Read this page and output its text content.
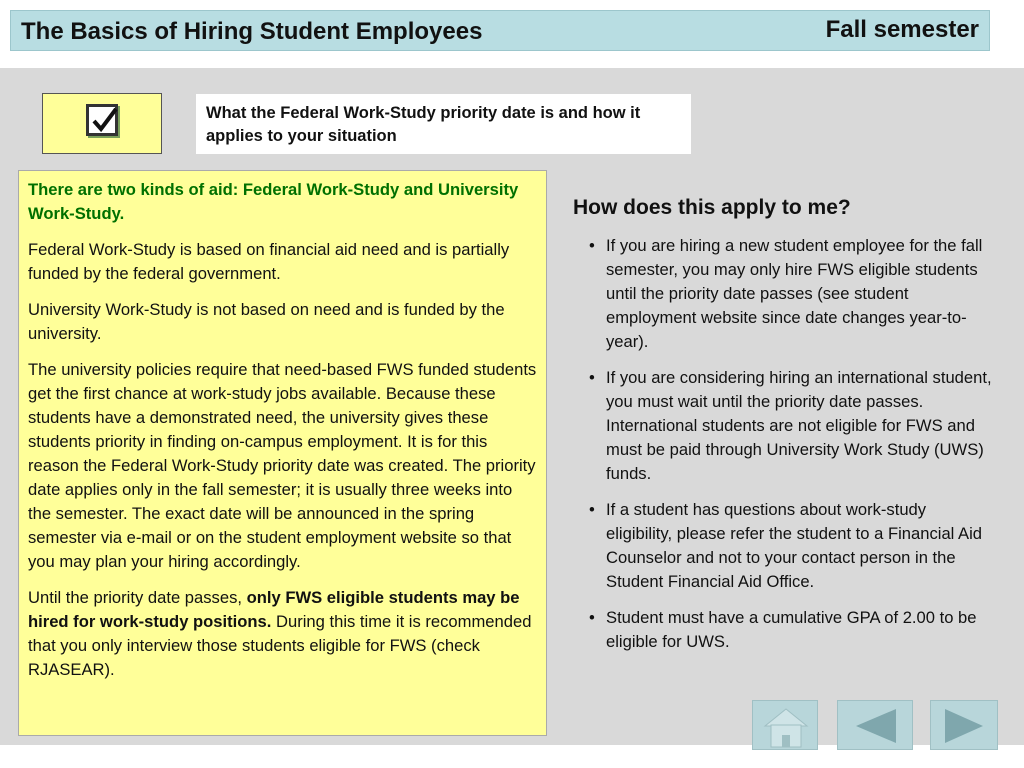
The Basics of Hiring Student Employees	Fall semester
What the Federal Work-Study priority date is and how it applies to your situation

There are two kinds of aid: Federal Work-Study and University Work-Study.

Federal Work-Study is based on financial aid need and is partially funded by the federal government.

University Work-Study is not based on need and is funded by the university.

The university policies require that need-based FWS funded students get the first chance at work-study jobs available. Because these students have a demonstrated need, the university gives these students priority in finding on-campus employment. It is for this reason the Federal Work-Study priority date was created. The priority date applies only in the fall semester; it is usually three weeks into the semester. The exact date will be announced in the spring semester via e-mail or on the student employment website so that you may plan your hiring accordingly.

Until the priority date passes, only FWS eligible students may be hired for work-study positions. During this time it is recommended that you only interview those students eligible for FWS (check RJASEAR).

How does this apply to me?
• If you are hiring a new student employee for the fall semester, you may only hire FWS eligible students until the priority date passes (see student employment website since date changes year-to-year).
• If you are considering hiring an international student, you must wait until the priority date passes. International students are not eligible for FWS and must be paid through University Work Study (UWS) funds.
• If a student has questions about work-study eligibility, please refer the student to a Financial Aid Counselor and not to your contact person in the Student Financial Aid Office.
• Student must have a cumulative GPA of 2.00 to be eligible for UWS.
